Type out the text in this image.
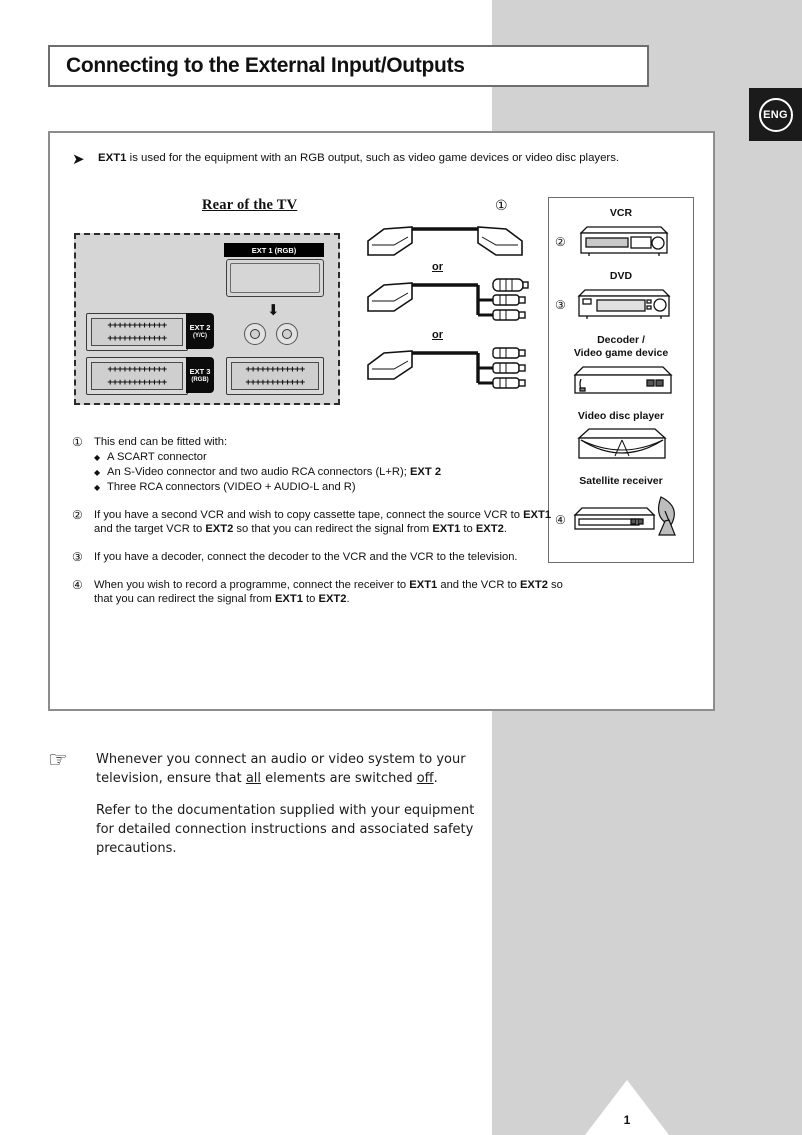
ENG
Connecting to the External Input/Outputs
➤	EXT1 is used for the equipment with an RGB output, such as video game devices or video disc players.
Rear of the TV
EXT 1 (RGB)
⬇
++++++++++++
++++++++++++
EXT 2
(Y/C)
++++++++++++
++++++++++++
EXT 3
(RGB)
++++++++++++
++++++++++++
①
or
or
VCR
②
DVD
③
Decoder /
Video game device
Video disc player
Satellite receiver
④
①	This end can be fitted with:
◆ A SCART connector
◆ An S-Video connector and two audio RCA connectors (L+R); EXT 2
◆ Three RCA connectors (VIDEO + AUDIO-L and R)
②	If you have a second VCR and wish to copy cassette tape, connect the source VCR to EXT1 and the target VCR to EXT2 so that you can redirect the signal from EXT1 to EXT2.
③	If you have a decoder, connect the decoder to the VCR and the VCR to the television.
④	When you wish to record a programme, connect the receiver to EXT1 and the VCR to EXT2 so that you can redirect the signal from EXT1 to EXT2.
☞	Whenever you connect an audio or video system to your television, ensure that all elements are switched off.

Refer to the documentation supplied with your equipment for detailed connection instructions and associated safety precautions.

1
